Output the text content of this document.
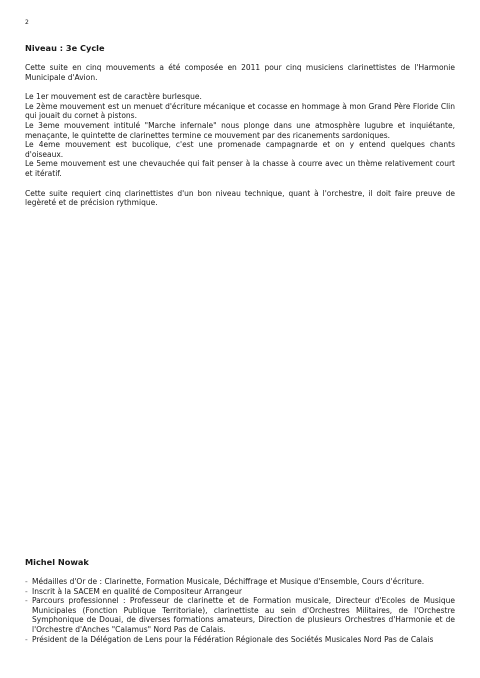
2
Niveau : 3e Cycle

Cette suite en cinq mouvements a été composée en 2011 pour cinq musiciens clarinettistes de l'Harmonie Municipale d'Avion.

Le 1er mouvement est de caractère burlesque.
Le 2ème mouvement est un menuet d'écriture mécanique et cocasse en hommage à mon Grand Père Floride Clin qui jouait du cornet à pistons.
Le 3eme mouvement intitulé "Marche infernale" nous plonge dans une atmosphère lugubre et inquiétante, menaçante, le quintette de clarinettes termine ce mouvement par des ricanements sardoniques.
Le 4eme mouvement est bucolique, c'est une promenade campagnarde et on y entend quelques chants d'oiseaux.
Le 5eme mouvement est une chevauchée qui fait penser à la chasse à courre avec un thème relativement court et itératif.

Cette suite requiert cinq clarinettistes d'un bon niveau technique, quant à l'orchestre, il doit faire preuve de legèreté et de précision rythmique.

Michel Nowak
- Médailles d'Or de : Clarinette, Formation Musicale, Déchiffrage et Musique d'Ensemble, Cours d'écriture.
- Inscrit à la SACEM en qualité de Compositeur Arrangeur
- Parcours professionnel : Professeur de clarinette et de Formation musicale, Directeur d'Ecoles de Musique Municipales (Fonction Publique Territoriale), clarinettiste au sein d'Orchestres Militaires, de l'Orchestre Symphonique de Douai, de diverses formations amateurs, Direction de plusieurs Orchestres d'Harmonie et de l'Orchestre d'Anches "Calamus" Nord Pas de Calais.
- Président de la Délégation de Lens pour la Fédération Régionale des Sociétés Musicales Nord Pas de Calais
